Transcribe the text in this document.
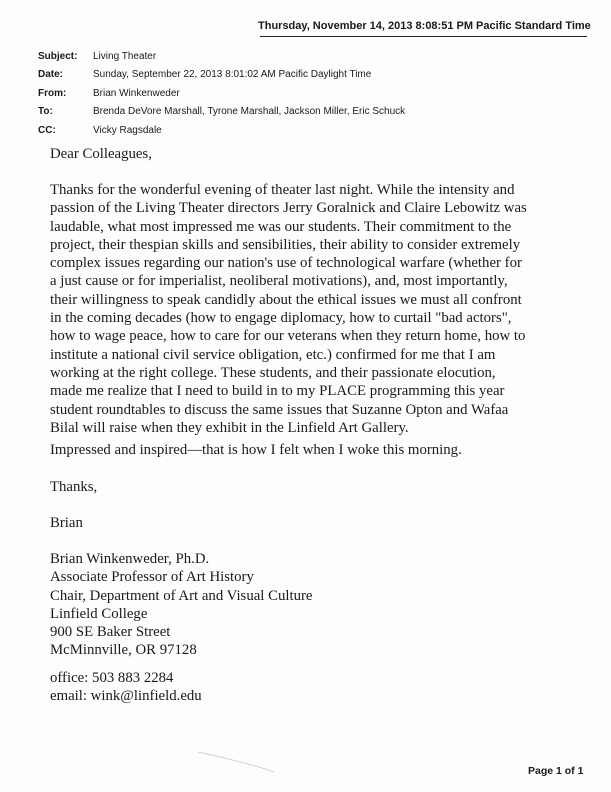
Thursday, November 14, 2013 8:08:51 PM Pacific Standard Time
Subject:	Living Theater
Date:	Sunday, September 22, 2013 8:01:02 AM Pacific Daylight Time
From:	Brian Winkenweder
To:	Brenda DeVore Marshall, Tyrone Marshall, Jackson Miller, Eric Schuck
CC:	Vicky Ragsdale
Dear Colleagues,
Thanks for the wonderful evening of theater last night. While the intensity and
passion of the Living Theater directors Jerry Goralnick and Claire Lebowitz was
laudable, what most impressed me was our students. Their commitment to the
project, their thespian skills and sensibilities, their ability to consider extremely
complex issues regarding our nation's use of technological warfare (whether for
a just cause or for imperialist, neoliberal motivations), and, most importantly,
their willingness to speak candidly about the ethical issues we must all confront
in the coming decades (how to engage diplomacy, how to curtail "bad actors",
how to wage peace, how to care for our veterans when they return home, how to
institute a national civil service obligation, etc.) confirmed for me that I am
working at the right college. These students, and their passionate elocution,
made me realize that I need to build in to my PLACE programming this year
student roundtables to discuss the same issues that Suzanne Opton and Wafaa
Bilal will raise when they exhibit in the Linfield Art Gallery.
Impressed and inspired—that is how I felt when I woke this morning.
Thanks,
Brian
Brian Winkenweder, Ph.D.
Associate Professor of Art History
Chair, Department of Art and Visual Culture
Linfield College
900 SE Baker Street
McMinnville, OR 97128
office: 503 883 2284
email: wink@linfield.edu
Page 1 of 1
